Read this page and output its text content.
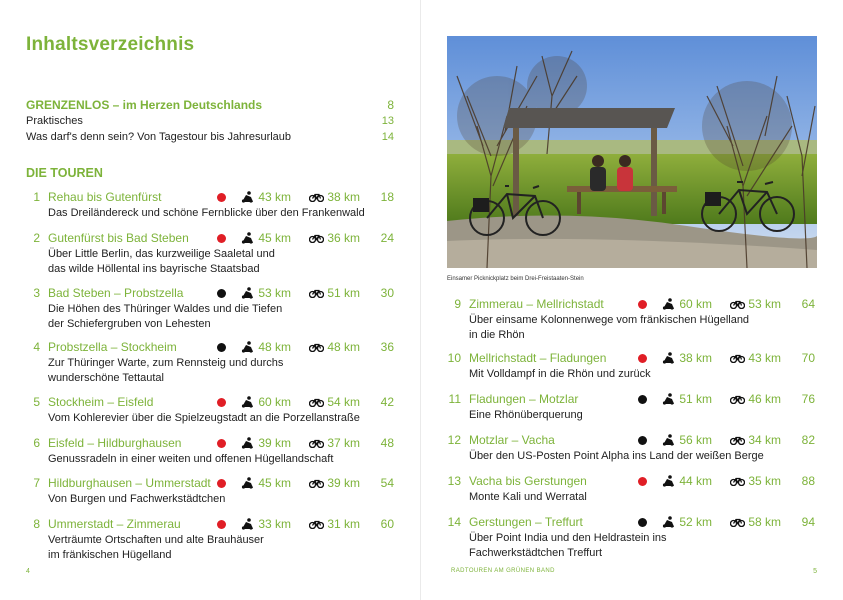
Inhaltsverzeichnis
GRENZENLOS – im Herzen Deutschlands	8
Praktisches	13
Was darf's denn sein? Von Tagestour bis Jahresurlaub	14
DIE TOUREN
4
Einsamer Picknickplatz beim Drei-Freistaaten-Stein
RADTOUREN AM GRÜNEN BAND	5
1 Rehau bis Gutenfürst	43 km	38 km	18
Das Dreiländereck und schöne Fernblicke über den Frankenwald
2 Gutenfürst bis Bad Steben	45 km	36 km	24
Über Little Berlin, das kurzweilige Saaletal und
das wilde Höllental ins bayrische Staatsbad
3 Bad Steben – Probstzella	53 km	51 km	30
Die Höhen des Thüringer Waldes und die Tiefen
der Schiefergruben von Lehesten
4 Probstzella – Stockheim	48 km	48 km	36
Zur Thüringer Warte, zum Rennsteig und durchs
wunderschöne Tettautal
5 Stockheim – Eisfeld	60 km	54 km	42
Vom Kohlerevier über die Spielzeugstadt an die Porzellanstraße
6 Eisfeld – Hildburghausen	39 km	37 km	48
Genussradeln in einer weiten und offenen Hügellandschaft
7 Hildburghausen – Ummerstadt	45 km	39 km	54
Von Burgen und Fachwerkstädtchen
8 Ummerstadt – Zimmerau	33 km	31 km	60
Verträumte Ortschaften und alte Brauhäuser
im fränkischen Hügelland
9 Zimmerau – Mellrichstadt	60 km	53 km	64
Über einsame Kolonnenwege vom fränkischen Hügelland
in die Rhön
10 Mellrichstadt – Fladungen	38 km	43 km	70
Mit Volldampf in die Rhön und zurück
11 Fladungen – Motzlar	51 km	46 km	76
Eine Rhönüberquerung
12 Motzlar – Vacha	56 km	34 km	82
Über den US-Posten Point Alpha ins Land der weißen Berge
13 Vacha bis Gerstungen	44 km	35 km	88
Monte Kali und Werratal
14 Gerstungen – Treffurt	52 km	58 km	94
Über Point India und den Heldrastein ins
Fachwerkstädtchen Treffurt
